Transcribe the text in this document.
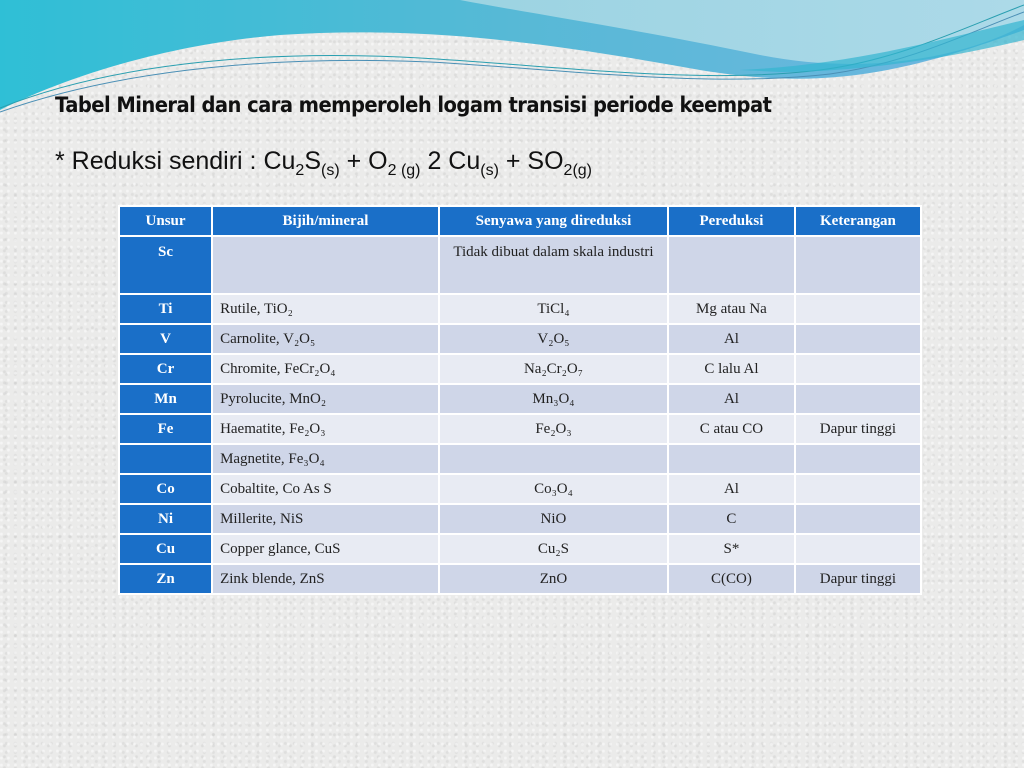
Tabel Mineral dan cara memperoleh logam transisi periode keempat

* Reduksi sendiri : $Cu_2S_{(s)} + O_{2 (g)}$ 2 $Cu_{(s)} + SO_{2(g)}$

Unsur	Bijih/mineral	Senyawa yang direduksi	Pereduksi	Keterangan
Sc		Tidak dibuat dalam skala industri		
Ti	Rutile, TiO₂	TiCl₄	Mg atau Na	
V	Carnolite, V₂O₅	V₂O₅	Al	
Cr	Chromite, FeCr₂O₄	Na₂Cr₂O₇	C lalu Al	
Mn	Pyrolucite, MnO₂	Mn₃O₄	Al	
Fe	Haematite, Fe₂O₃	Fe₂O₃	C atau CO	Dapur tinggi
	Magnetite, Fe₃O₄			
Co	Cobaltite, Co As S	Co₃O₄	Al	
Ni	Millerite, NiS	NiO	C	
Cu	Copper glance, CuS	Cu₂S	S*	
Zn	Zink blende, ZnS	ZnO	C(CO)	Dapur tinggi
